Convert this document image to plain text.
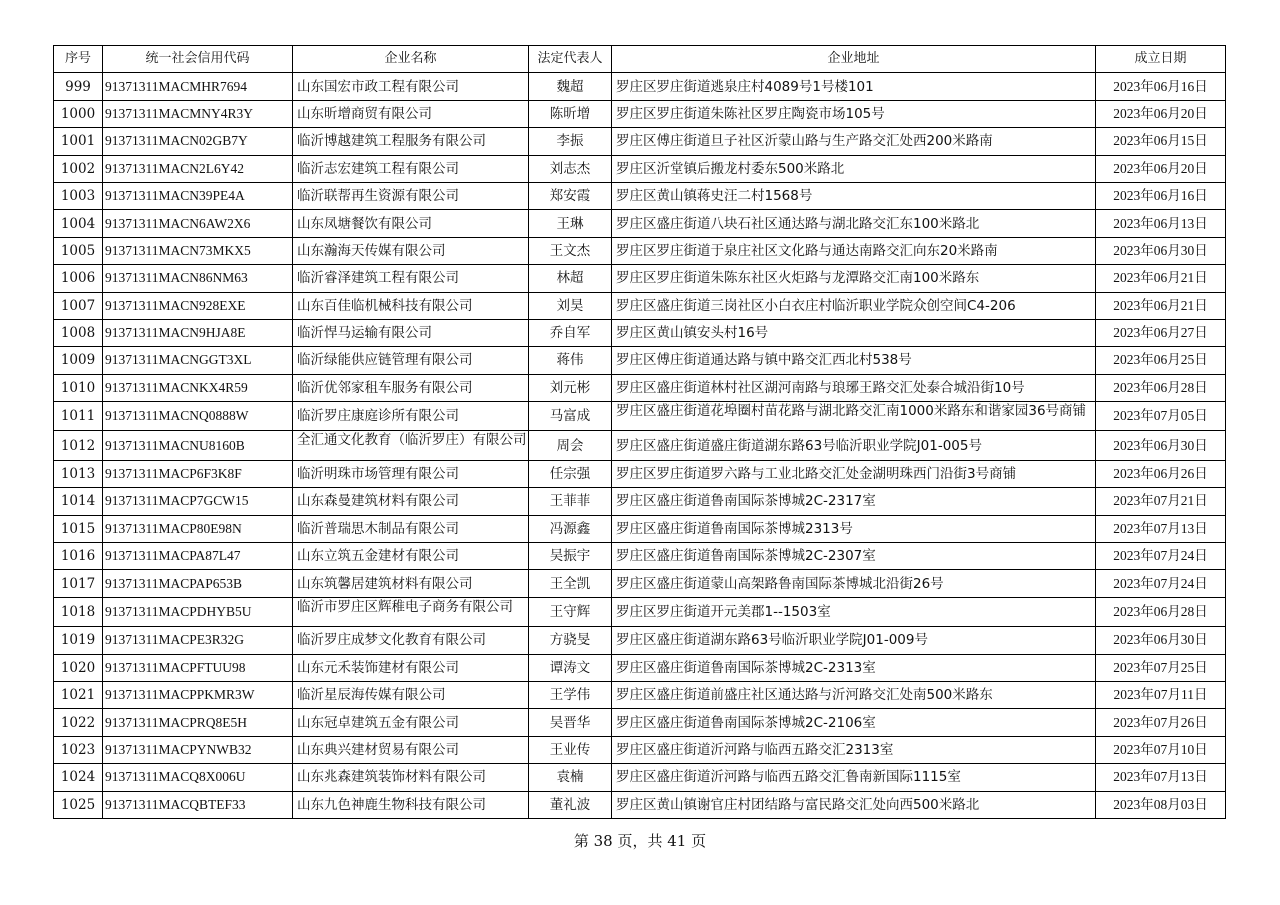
序号	统一社会信用代码	企业名称	法定代表人	企业地址	成立日期
999	91371311MACMHR7694	山东国宏市政工程有限公司	魏超	罗庄区罗庄街道逃泉庄村4089号1号楼101	2023年06月16日
1000	91371311MACMNY4R3Y	山东昕增商贸有限公司	陈昕增	罗庄区罗庄街道朱陈社区罗庄陶瓷市场105号	2023年06月20日
1001	91371311MACN02GB7Y	临沂博越建筑工程服务有限公司	李振	罗庄区傅庄街道旦子社区沂蒙山路与生产路交汇处西200米路南	2023年06月15日
1002	91371311MACN2L6Y42	临沂志宏建筑工程有限公司	刘志杰	罗庄区沂堂镇后搬龙村委东500米路北	2023年06月20日
1003	91371311MACN39PE4A	临沂联帮再生资源有限公司	郑安霞	罗庄区黄山镇蒋史汪二村1568号	2023年06月16日
1004	91371311MACN6AW2X6	山东凤塘餐饮有限公司	王琳	罗庄区盛庄街道八块石社区通达路与湖北路交汇东100米路北	2023年06月13日
1005	91371311MACN73MKX5	山东瀚海天传媒有限公司	王文杰	罗庄区罗庄街道于泉庄社区文化路与通达南路交汇向东20米路南	2023年06月30日
1006	91371311MACN86NM63	临沂睿泽建筑工程有限公司	林超	罗庄区罗庄街道朱陈东社区火炬路与龙潭路交汇南100米路东	2023年06月21日
1007	91371311MACN928EXE	山东百佳临机械科技有限公司	刘昊	罗庄区盛庄街道三岗社区小白衣庄村临沂职业学院众创空间C4-206	2023年06月21日
1008	91371311MACN9HJA8E	临沂悍马运输有限公司	乔自军	罗庄区黄山镇安头村16号	2023年06月27日
1009	91371311MACNGGT3XL	临沂绿能供应链管理有限公司	蒋伟	罗庄区傅庄街道通达路与镇中路交汇西北村538号	2023年06月25日
1010	91371311MACNKX4R59	临沂优邻家租车服务有限公司	刘元彬	罗庄区盛庄街道林村社区湖河南路与琅琊王路交汇处泰合城沿街10号	2023年06月28日
1011	91371311MACNQ0888W	临沂罗庄康庭诊所有限公司	马富成	罗庄区盛庄街道花埠圈村苗花路与湖北路交汇南1000米路东和谐家园36号商铺	2023年07月05日
1012	91371311MACNU8160B	全汇通文化教育（临沂罗庄）有限公司	周会	罗庄区盛庄街道盛庄街道湖东路63号临沂职业学院J01-005号	2023年06月30日
1013	91371311MACP6F3K8F	临沂明珠市场管理有限公司	任宗强	罗庄区罗庄街道罗六路与工业北路交汇处金湖明珠西门沿街3号商铺	2023年06月26日
1014	91371311MACP7GCW15	山东森曼建筑材料有限公司	王菲菲	罗庄区盛庄街道鲁南国际茶博城2C-2317室	2023年07月21日
1015	91371311MACP80E98N	临沂普瑞思木制品有限公司	冯源鑫	罗庄区盛庄街道鲁南国际茶博城2313号	2023年07月13日
1016	91371311MACPA87L47	山东立筑五金建材有限公司	吴振宇	罗庄区盛庄街道鲁南国际茶博城2C-2307室	2023年07月24日
1017	91371311MACPAP653B	山东筑馨居建筑材料有限公司	王全凯	罗庄区盛庄街道蒙山高架路鲁南国际茶博城北沿街26号	2023年07月24日
1018	91371311MACPDHYB5U	临沂市罗庄区辉稚电子商务有限公司	王守辉	罗庄区罗庄街道开元美郡1--1503室	2023年06月28日
1019	91371311MACPE3R32G	临沂罗庄成梦文化教育有限公司	方骁旻	罗庄区盛庄街道湖东路63号临沂职业学院J01-009号	2023年06月30日
1020	91371311MACPFTUU98	山东元禾装饰建材有限公司	谭涛文	罗庄区盛庄街道鲁南国际茶博城2C-2313室	2023年07月25日
1021	91371311MACPPKMR3W	临沂星辰海传媒有限公司	王学伟	罗庄区盛庄街道前盛庄社区通达路与沂河路交汇处南500米路东	2023年07月11日
1022	91371311MACPRQ8E5H	山东冠卓建筑五金有限公司	吴晋华	罗庄区盛庄街道鲁南国际茶博城2C-2106室	2023年07月26日
1023	91371311MACPYNWB32	山东典兴建材贸易有限公司	王业传	罗庄区盛庄街道沂河路与临西五路交汇2313室	2023年07月10日
1024	91371311MACQ8X006U	山东兆森建筑装饰材料有限公司	袁楠	罗庄区盛庄街道沂河路与临西五路交汇鲁南新国际1115室	2023年07月13日
1025	91371311MACQBTEF33	山东九色神鹿生物科技有限公司	董礼波	罗庄区黄山镇谢官庄村团结路与富民路交汇处向西500米路北	2023年08月03日
第 38 页，共 41 页
